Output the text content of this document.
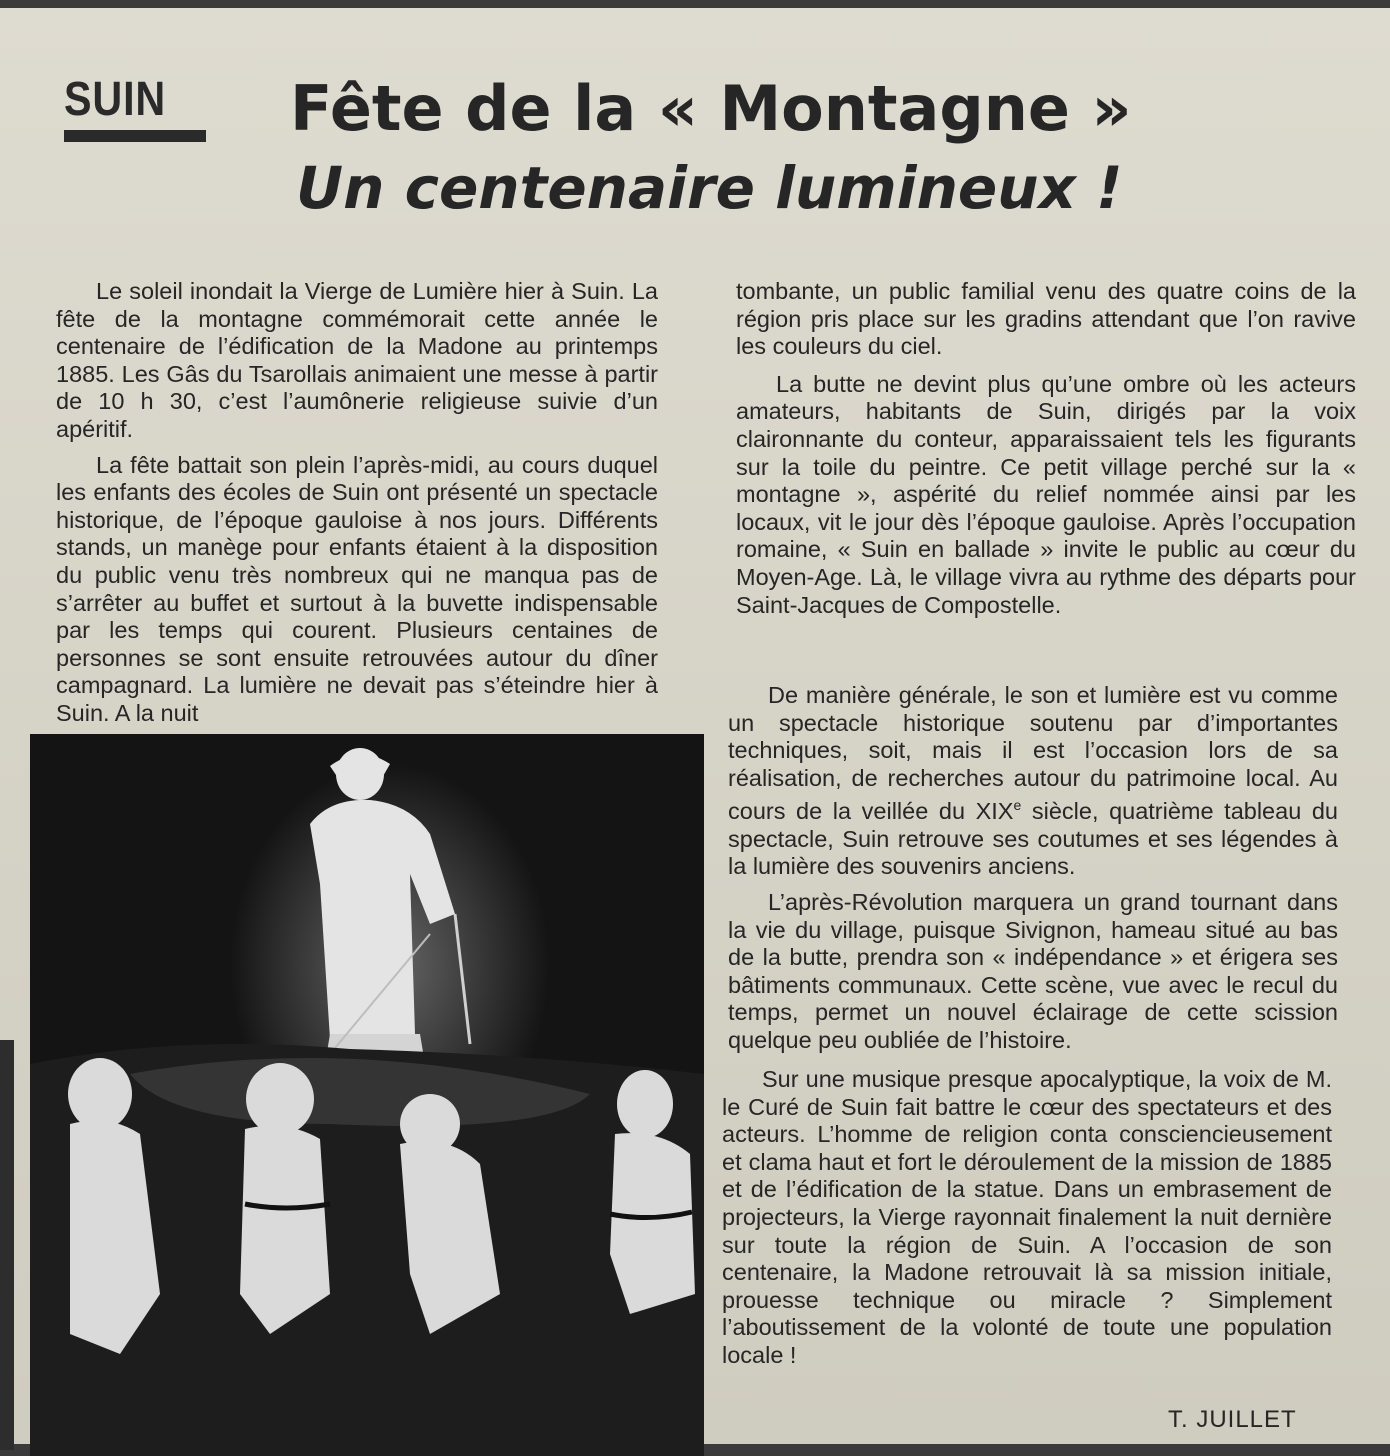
SUIN Fête de la « Montagne »
Un centenaire lumineux !

Le soleil inondait la Vierge de Lumière hier à Suin. La fête de la montagne commémorait cette année le centenaire de l’édification de la Madone au printemps 1885. Les Gâs du Tsarollais animaient une messe à partir de 10 h 30, c’est l’aumônerie religieuse suivie d’un apéritif.

La fête battait son plein l’après-midi, au cours duquel les enfants des écoles de Suin ont présenté un spectacle historique, de l’époque gauloise à nos jours. Différents stands, un manège pour enfants étaient à la disposition du public venu très nombreux qui ne manqua pas de s’arrêter au buffet et surtout à la buvette indispensable par les temps qui courent. Plusieurs centaines de personnes se sont ensuite retrouvées autour du dîner campagnard. La lumière ne devait pas s’éteindre hier à Suin. A la nuit

tombante, un public familial venu des quatre coins de la région pris place sur les gradins attendant que l’on ravive les couleurs du ciel.

La butte ne devint plus qu’une ombre où les acteurs amateurs, habitants de Suin, dirigés par la voix claironnante du conteur, apparaissaient tels les figurants sur la toile du peintre. Ce petit village perché sur la « montagne », aspérité du relief nommée ainsi par les locaux, vit le jour dès l’époque gauloise. Après l’occupation romaine, « Suin en ballade » invite le public au cœur du Moyen-Age. Là, le village vivra au rythme des départs pour Saint-Jacques de Compostelle.

De manière générale, le son et lumière est vu comme un spectacle historique soutenu par d’importantes techniques, soit, mais il est l’occasion lors de sa réalisation, de recherches autour du patrimoine local. Au cours de la veillée du XIXe siècle, quatrième tableau du spectacle, Suin retrouve ses coutumes et ses légendes à la lumière des souvenirs anciens.

L’après-Révolution marquera un grand tournant dans la vie du village, puisque Sivignon, hameau situé au bas de la butte, prendra son « indépendance » et érigera ses bâtiments communaux. Cette scène, vue avec le recul du temps, permet un nouvel éclairage de cette scission quelque peu oubliée de l’histoire.

Sur une musique presque apocalyptique, la voix de M. le Curé de Suin fait battre le cœur des spectateurs et des acteurs. L’homme de religion conta consciencieusement et clama haut et fort le déroulement de la mission de 1885 et de l’édification de la statue. Dans un embrasement de projecteurs, la Vierge rayonnait finalement la nuit dernière sur toute la région de Suin. A l’occasion de son centenaire, la Madone retrouvait là sa mission initiale, prouesse technique ou miracle ? Simplement l’aboutissement de la volonté de toute une population locale !

T. JUILLET
